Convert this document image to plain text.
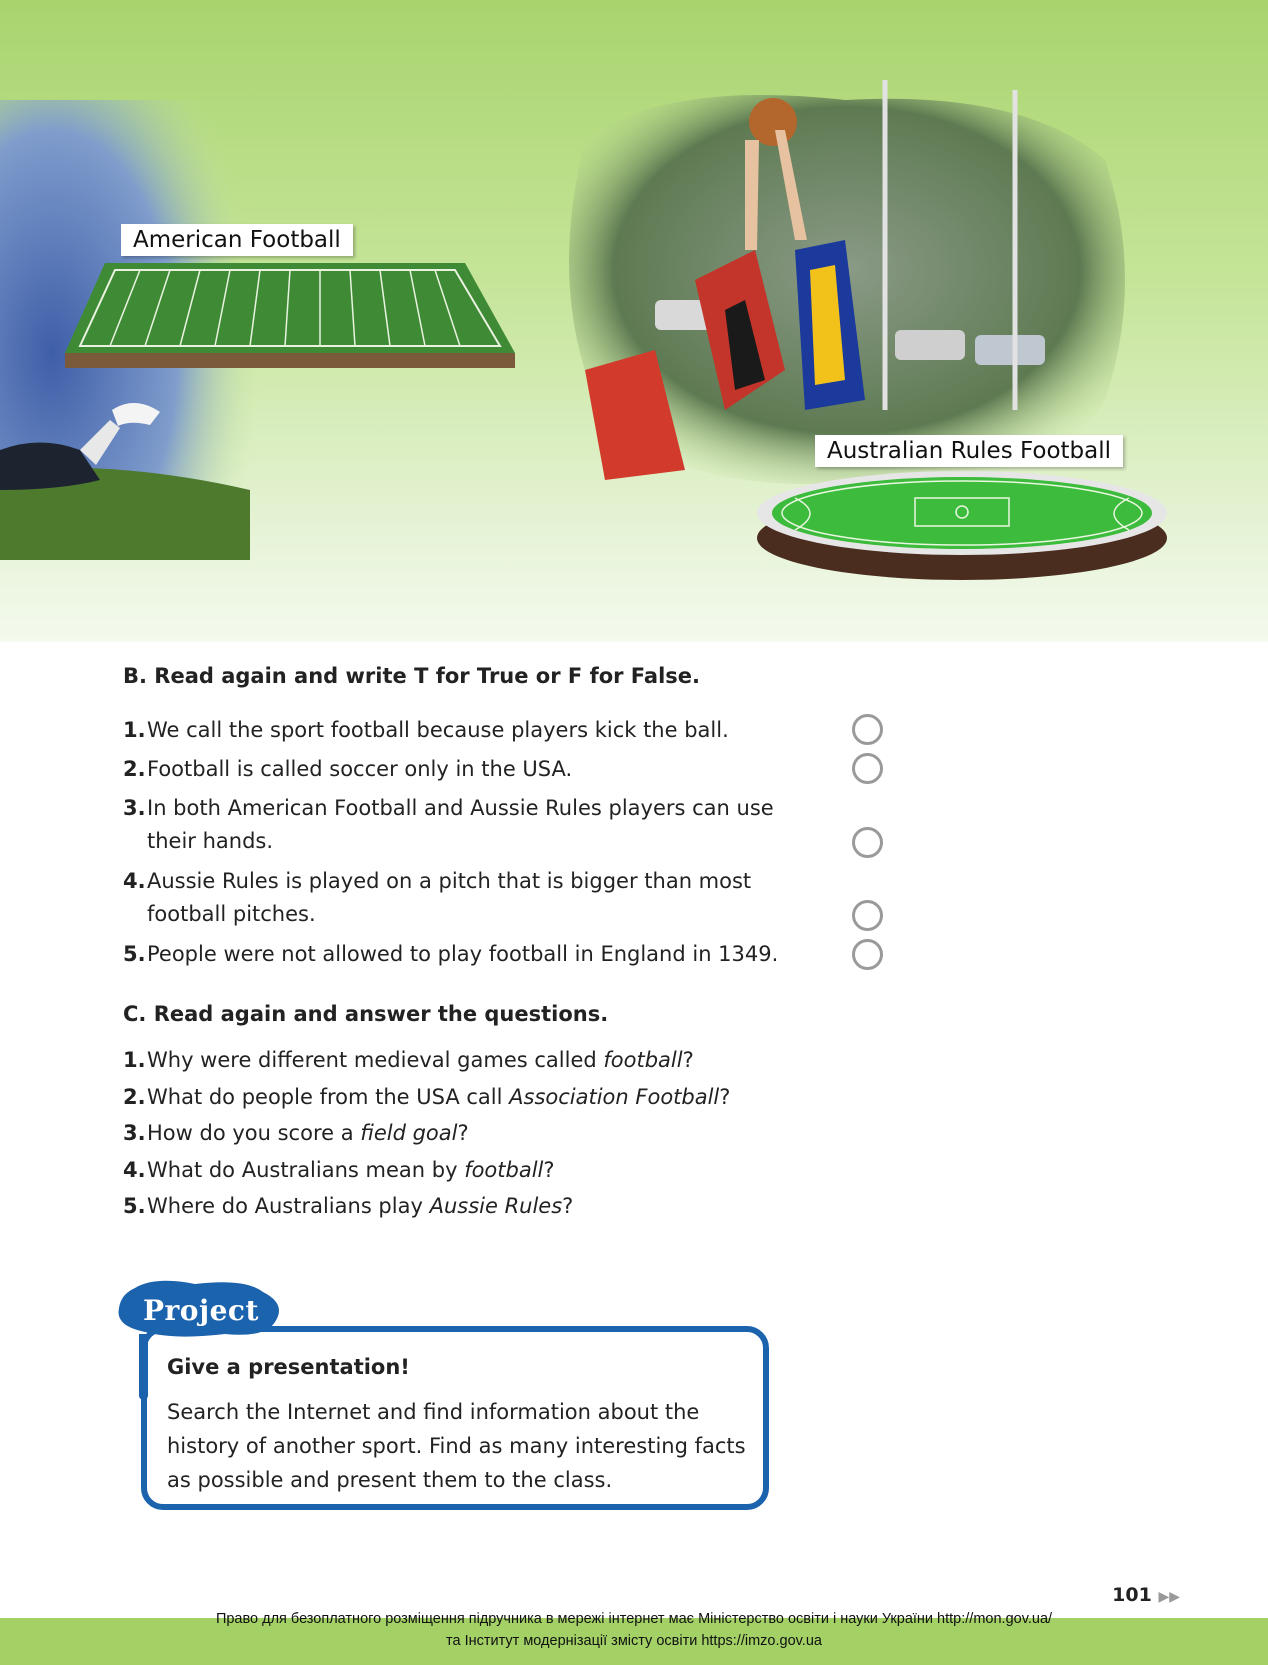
American Football
Australian Rules Football

B. Read again and write T for True or F for False.

1.We call the sport football because players kick the ball.
2.Football is called soccer only in the USA.
3.In both American Football and Aussie Rules players can use
their hands.
4.Aussie Rules is played on a pitch that is bigger than most
football pitches.
5.People were not allowed to play football in England in 1349.

C. Read again and answer the questions.

1.Why were different medieval games called football?
2.What do people from the USA call Association Football?
3.How do you score a field goal?
4.What do Australians mean by football?
5.Where do Australians play Aussie Rules?
Project
Give a presentation!
Search the Internet and find information about the
history of another sport. Find as many interesting facts
as possible and present them to the class.
101 ▶▶
Право для безоплатного розміщення підручника в мережі інтернет має Міністерство освіти і науки України http://mon.gov.ua/
та Інститут модернізації змісту освіти https://imzo.gov.ua
